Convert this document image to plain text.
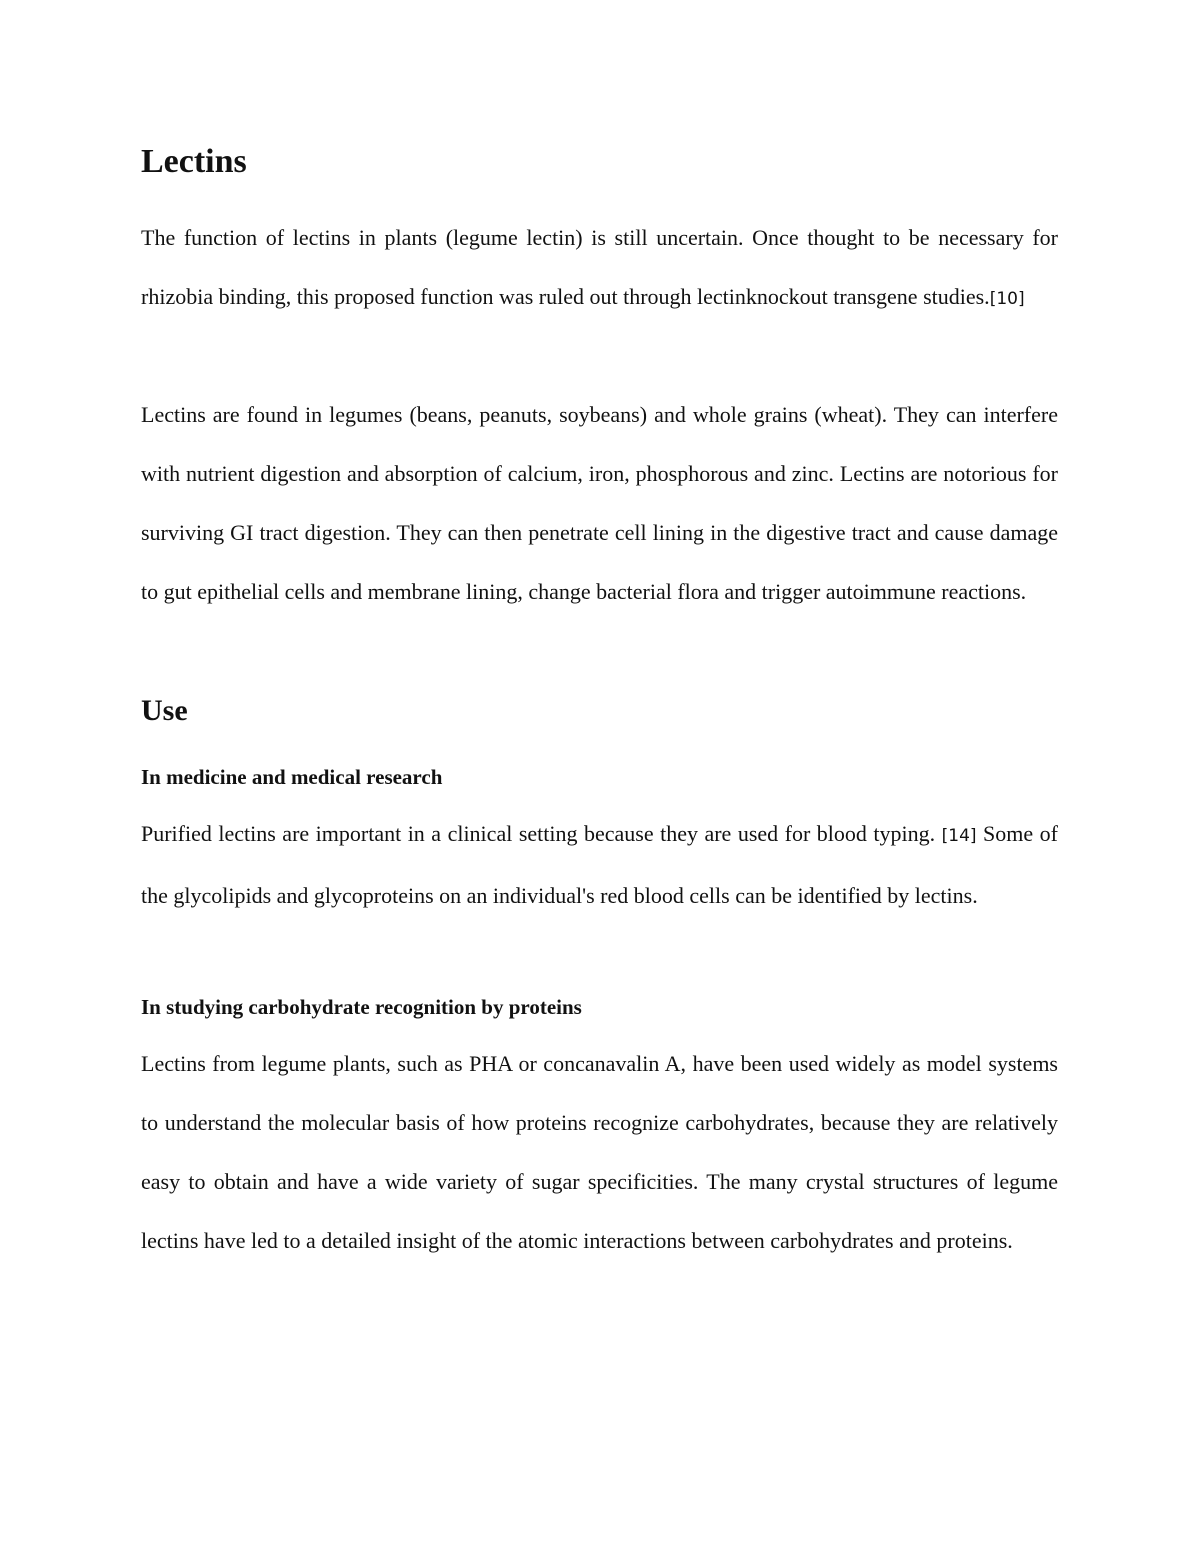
Lectins

The function of lectins in plants (legume lectin) is still uncertain. Once thought to be necessary for rhizobia binding, this proposed function was ruled out through lectinknockout transgene studies.[10]

Lectins are found in legumes (beans, peanuts, soybeans) and whole grains (wheat). They can interfere with nutrient digestion and absorption of calcium, iron, phosphorous and zinc. Lectins are notorious for surviving GI tract digestion. They can then penetrate cell lining in the digestive tract and cause damage to gut epithelial cells and membrane lining, change bacterial flora and trigger autoimmune reactions.

Use
In medicine and medical research

Purified lectins are important in a clinical setting because they are used for blood typing. [14] Some of the glycolipids and glycoproteins on an individual's red blood cells can be identified by lectins.

In studying carbohydrate recognition by proteins

Lectins from legume plants, such as PHA or concanavalin A, have been used widely as model systems to understand the molecular basis of how proteins recognize carbohydrates, because they are relatively easy to obtain and have a wide variety of sugar specificities. The many crystal structures of legume lectins have led to a detailed insight of the atomic interactions between carbohydrates and proteins.
